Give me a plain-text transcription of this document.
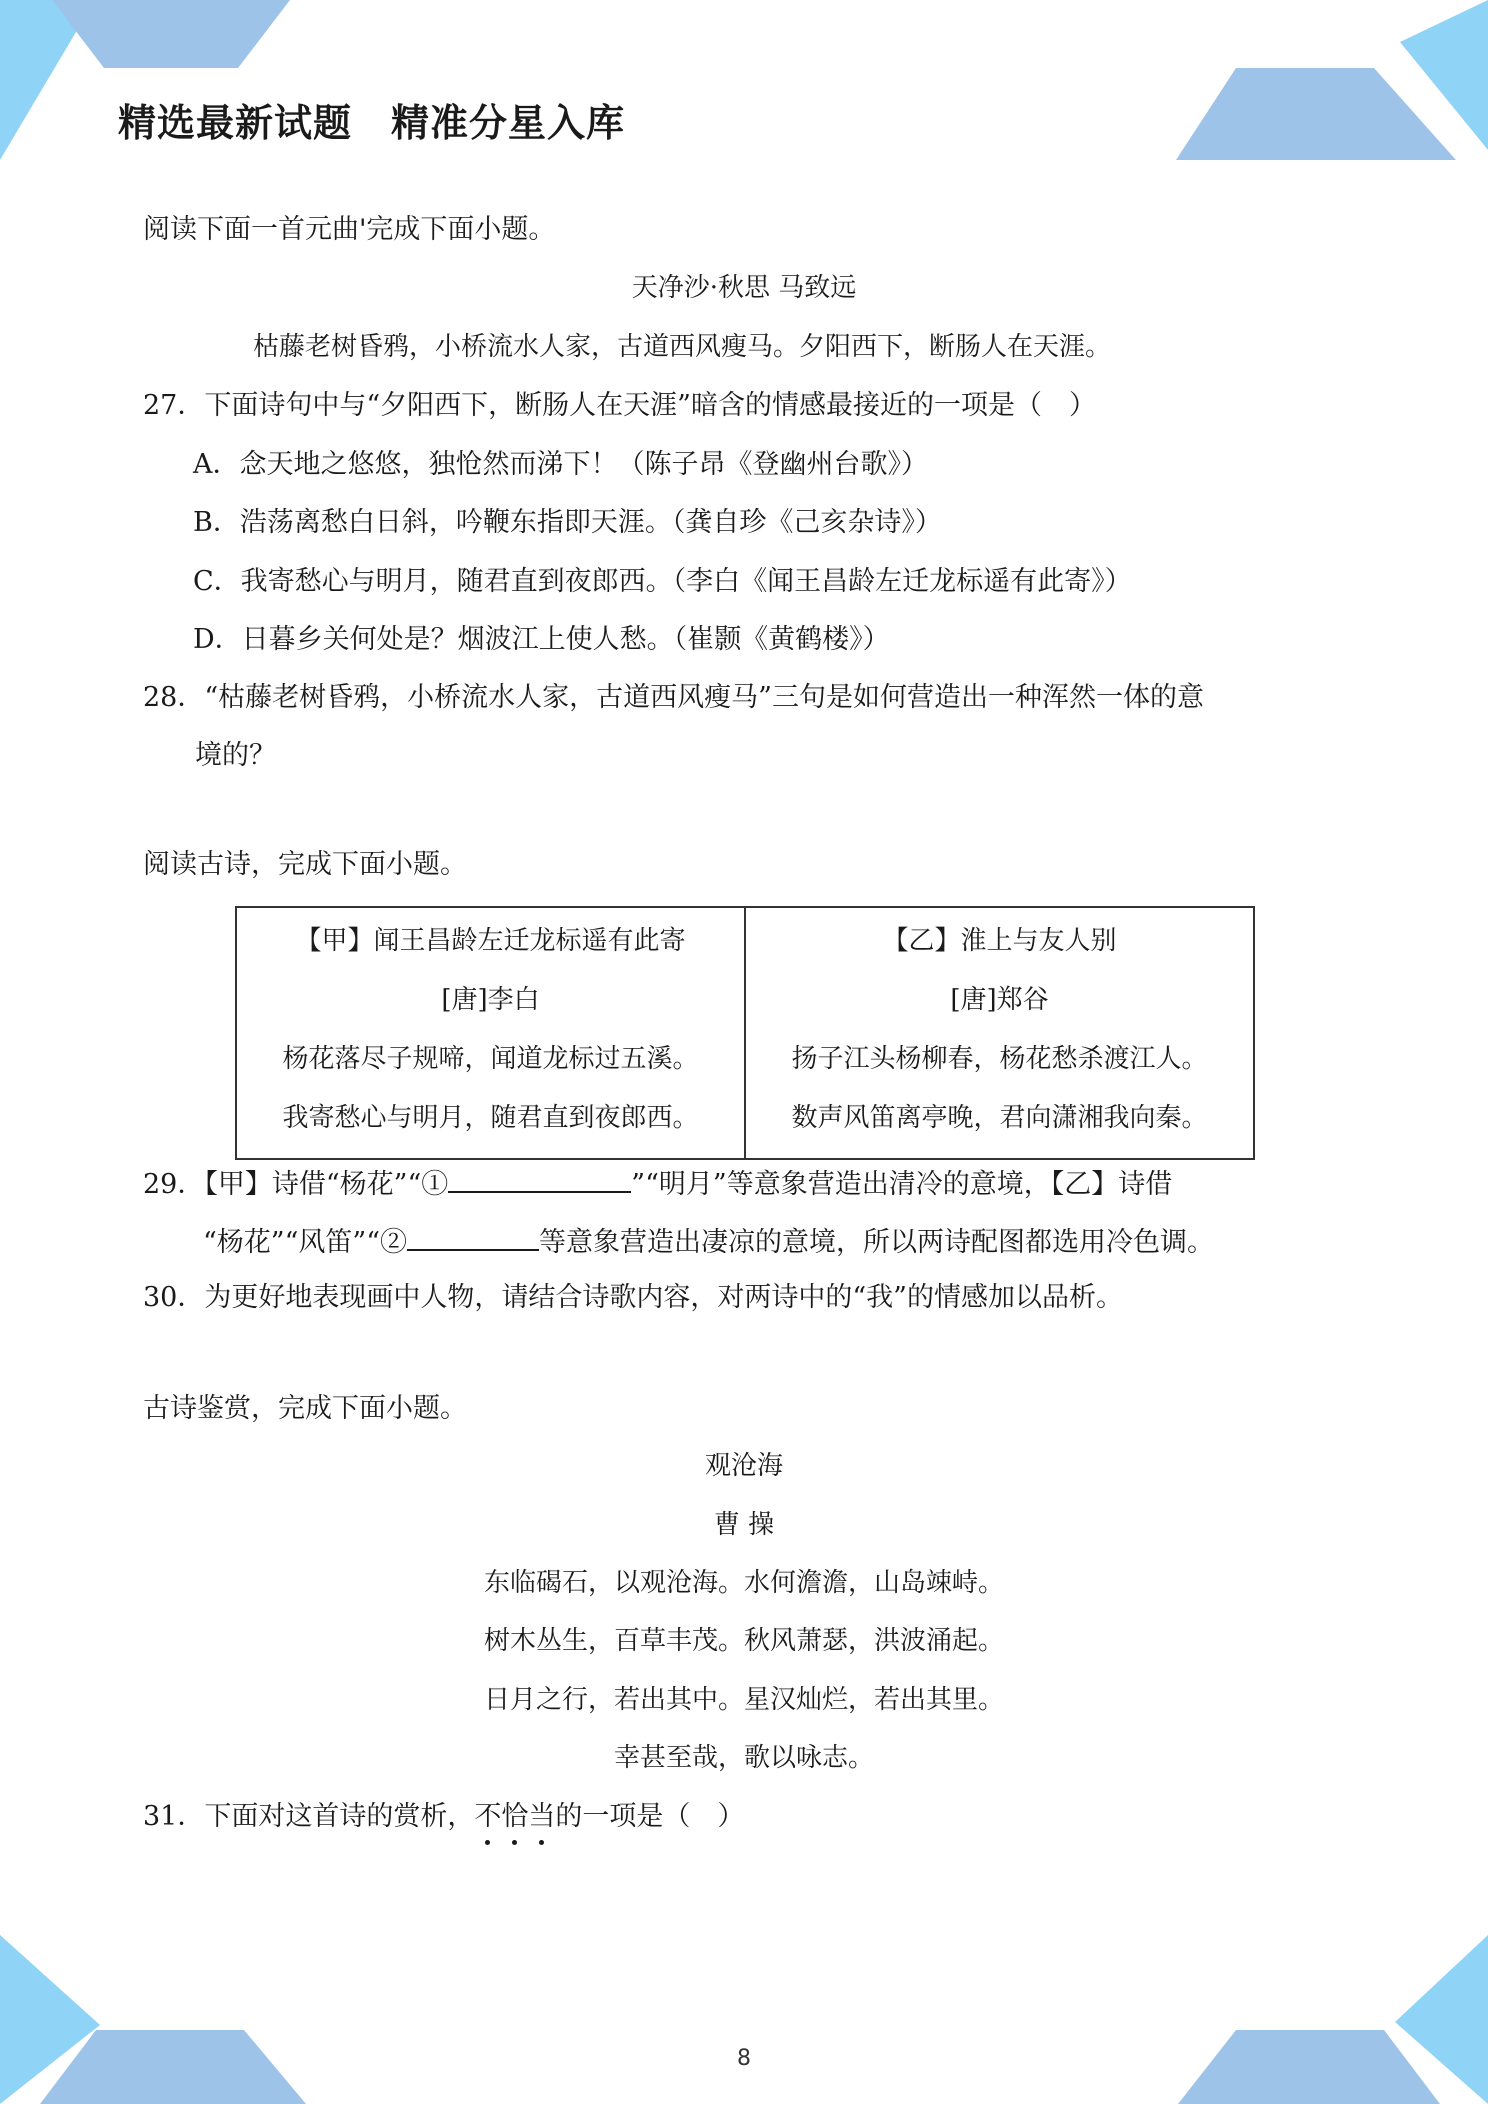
精选最新试题　精准分星入库
阅读下面一首元曲'完成下面小题。
天净沙·秋思 马致远
枯藤老树昏鸦，小桥流水人家，古道西风瘦马。夕阳西下，断肠人在天涯。
27．下面诗句中与“夕阳西下，断肠人在天涯”暗含的情感最接近的一项是（　）
A．念天地之悠悠，独怆然而涕下！（陈子昂《登幽州台歌》）
B．浩荡离愁白日斜，吟鞭东指即天涯。（龚自珍《己亥杂诗》）
C．我寄愁心与明月，随君直到夜郎西。（李白《闻王昌龄左迁龙标遥有此寄》）
D．日暮乡关何处是？烟波江上使人愁。（崔颢《黄鹤楼》）
28．“枯藤老树昏鸦，小桥流水人家，古道西风瘦马”三句是如何营造出一种浑然一体的意
境的？
阅读古诗，完成下面小题。
【甲】闻王昌龄左迁龙标遥有此寄
[唐]李白
杨花落尽子规啼，闻道龙标过五溪。
我寄愁心与明月，随君直到夜郎西。
【乙】淮上与友人别
[唐]郑谷
扬子江头杨柳春，杨花愁杀渡江人。
数声风笛离亭晚，君向潇湘我向秦。
29．【甲】诗借“杨花”“①	”“明月”等意象营造出清冷的意境，【乙】诗借
“杨花”“风笛”“②	等意象营造出凄凉的意境，所以两诗配图都选用冷色调。
30．为更好地表现画中人物，请结合诗歌内容，对两诗中的“我”的情感加以品析。
古诗鉴赏，完成下面小题。
观沧海
曹 操
东临碣石，以观沧海。水何澹澹，山岛竦峙。
树木丛生，百草丰茂。秋风萧瑟，洪波涌起。
日月之行，若出其中。星汉灿烂，若出其里。
幸甚至哉，歌以咏志。
31．下面对这首诗的赏析，不
恰
当
的一项是（　）
8
